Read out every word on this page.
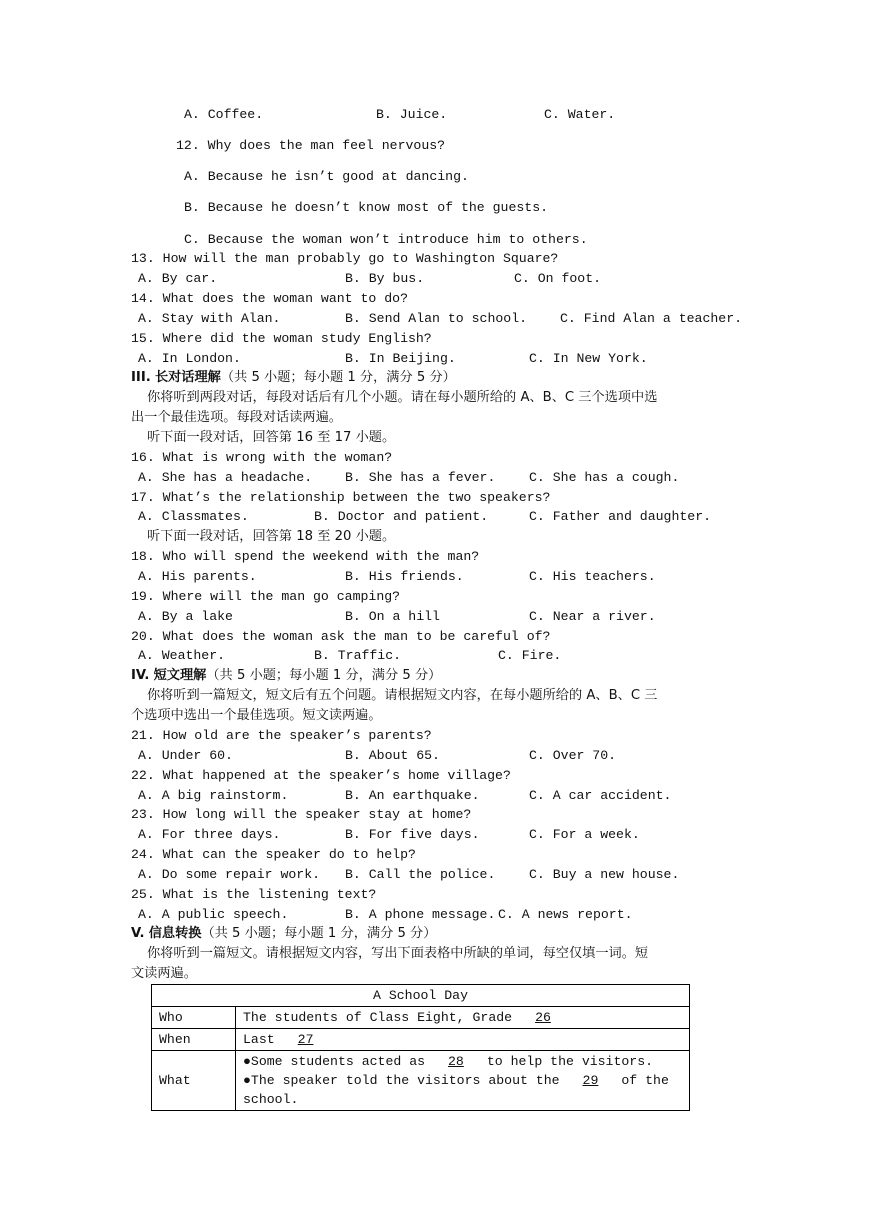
A. Coffee.	B. Juice.	C. Water.
12. Why does the man feel nervous?
A. Because he isn’t good at dancing.
B. Because he doesn’t know most of the guests.
C. Because the woman won’t introduce him to others.
13. How will the man probably go to Washington Square?
A. By car.	B. By bus.	C. On foot.
14. What does the woman want to do?
A. Stay with Alan.	B. Send Alan to school. C. Find Alan a teacher.
15. Where did the woman study English?
A. In London.	B. In Beijing.	C. In New York.
III. 长对话理解（共 5 小题；每小题 1 分，满分 5 分）
你将听到两段对话，每段对话后有几个小题。请在每小题所给的 A、B、C 三个选项中选
出一个最佳选项。每段对话读两遍。
听下面一段对话，回答第 16 至 17 小题。
16. What is wrong with the woman?
A. She has a headache. B. She has a fever.	C. She has a cough.
17. What’s the relationship between the two speakers?
A. Classmates.	B. Doctor and patient.	C. Father and daughter.
听下面一段对话，回答第 18 至 20 小题。
18. Who will spend the weekend with the man?
A. His parents.	B. His friends.	C. His teachers.
19. Where will the man go camping?
A. By a lake	B. On a hill	C. Near a river.
20. What does the woman ask the man to be careful of?
A. Weather.	B. Traffic.	C. Fire.
IV. 短文理解（共 5 小题；每小题 1 分，满分 5 分）
你将听到一篇短文，短文后有五个问题。请根据短文内容，在每小题所给的 A、B、C 三
个选项中选出一个最佳选项。短文读两遍。
21. How old are the speaker’s parents?
A. Under 60.	B. About 65.	C. Over 70.
22. What happened at the speaker’s home village?
A. A big rainstorm.	B. An earthquake.	C. A car accident.
23. How long will the speaker stay at home?
A. For three days.	B. For five days.	C. For a week.
24. What can the speaker do to help?
A. Do some repair work. B. Call the police.	C. Buy a new house.
25. What is the listening text?
A. A public speech.	B. A phone message. C. A news report.
V. 信息转换（共 5 小题；每小题 1 分，满分 5 分）
你将听到一篇短文。请根据短文内容，写出下面表格中所缺的单词，每空仅填一词。短
文读两遍。
A School Day	
Who	The students of Class Eight, Grade 26
When	Last 27
What	●Some students acted as 28 to help the visitors.
●The speaker told the visitors about the 29 of the
school.
